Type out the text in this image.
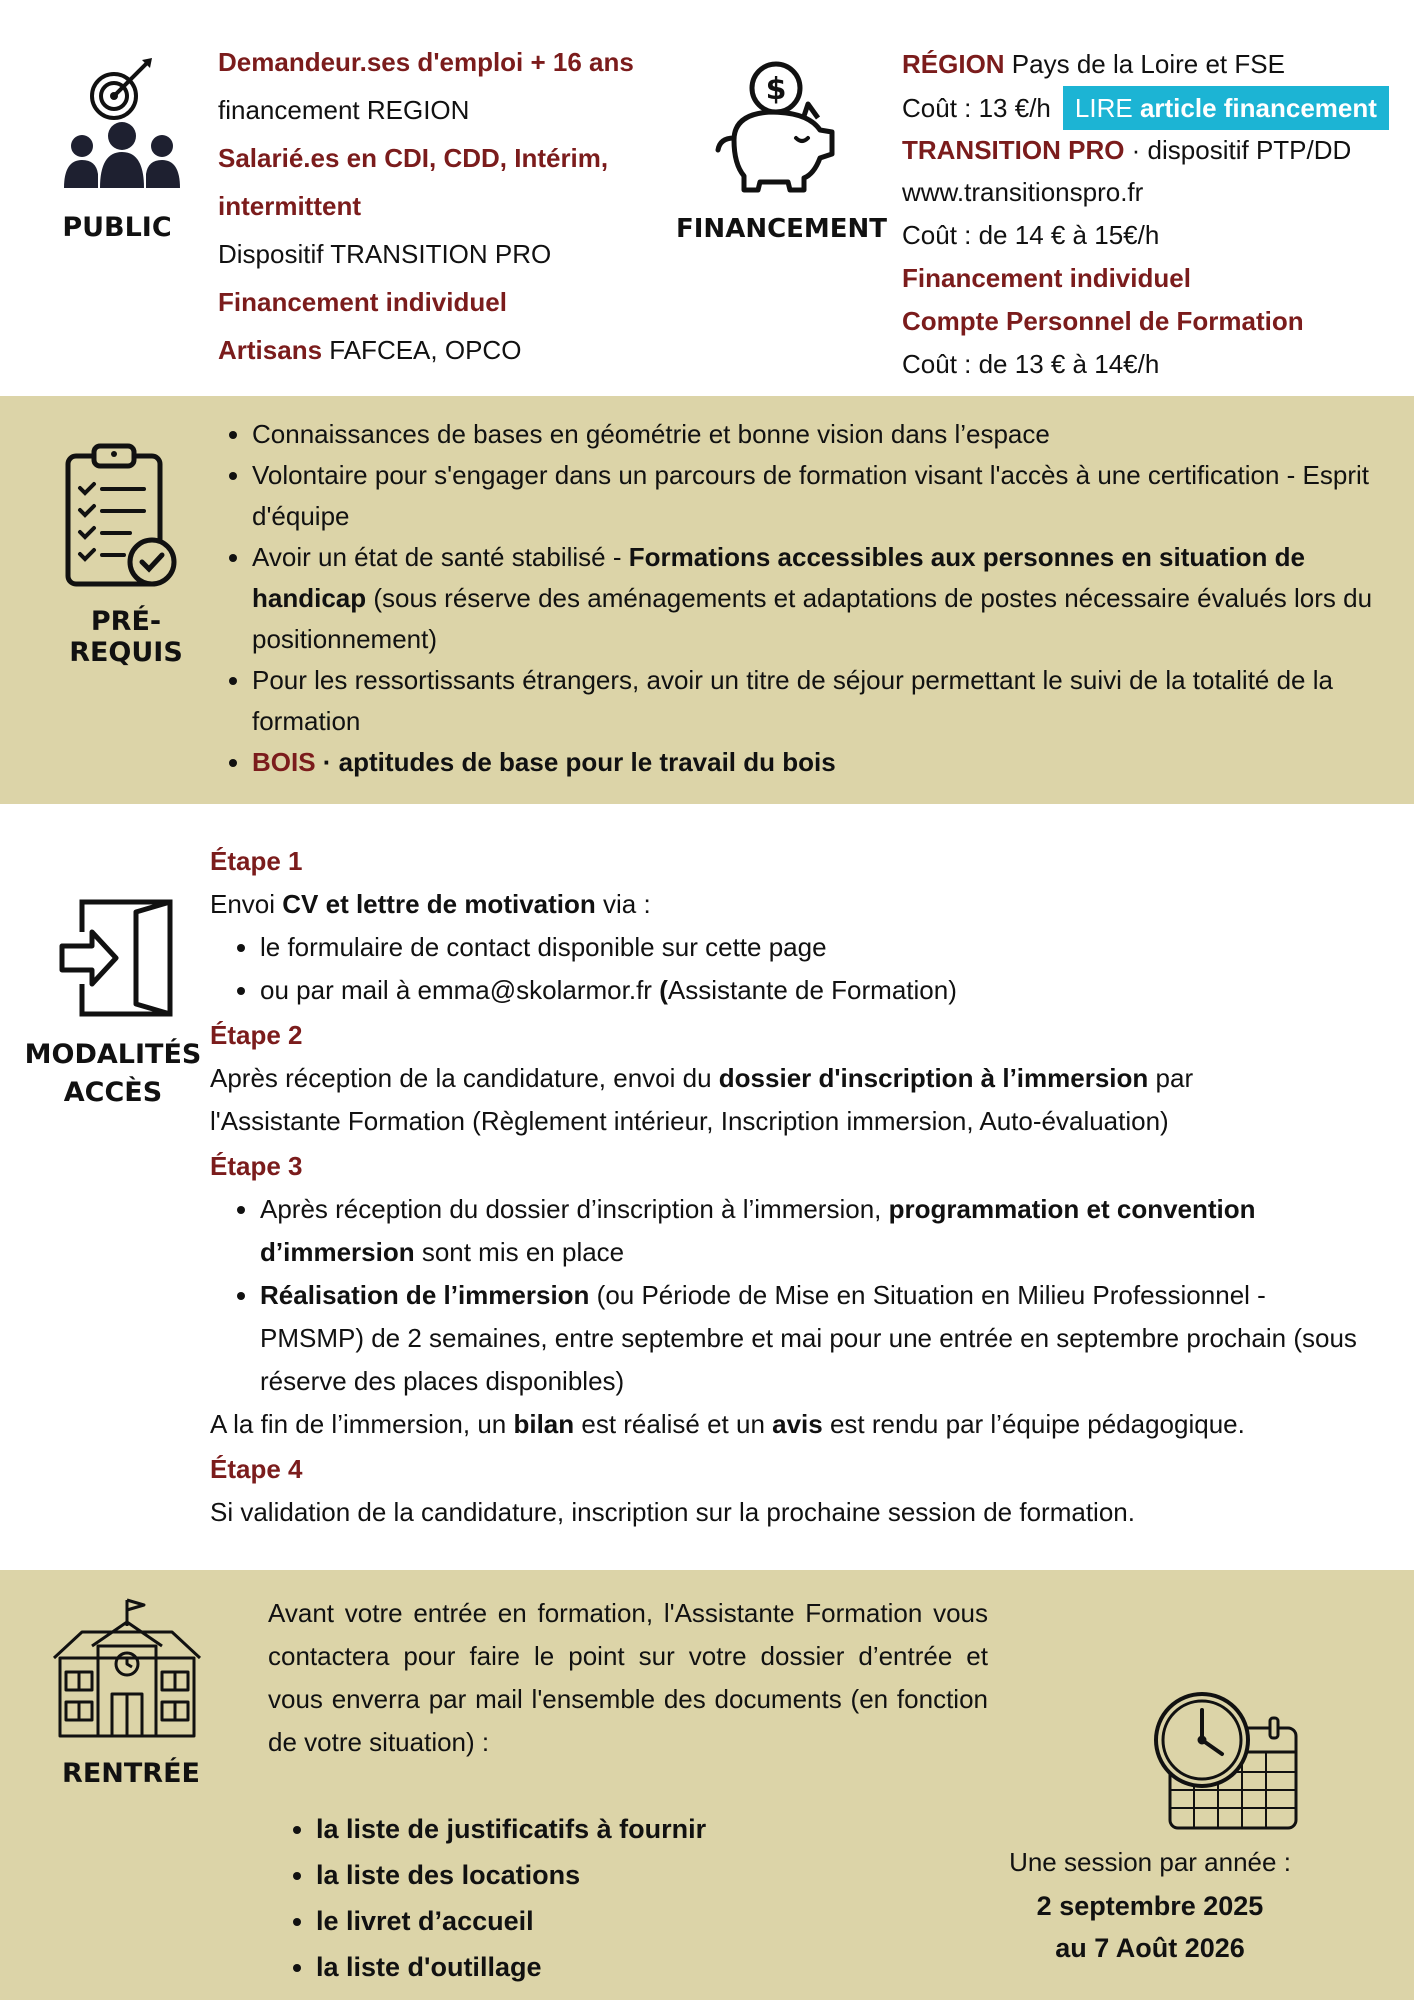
PUBLIC
Demandeur.ses d'emploi + 16 ans
financement REGION
Salarié.es en CDI, CDD, Intérim,
intermittent
Dispositif TRANSITION PRO
Financement individuel
Artisans FAFCEA, OPCO
$
FINANCEMENT
RÉGION Pays de la Loire et FSE
Coût : 13 €/h LIRE article financement
TRANSITION PRO · dispositif PTP/DD
www.transitionspro.fr
Coût : de 14 € à 15€/h
Financement individuel
Compte Personnel de Formation
Coût : de 13 € à 14€/h
PRÉ-REQUIS
• Connaissances de bases en géométrie et bonne vision dans l’espace
• Volontaire pour s'engager dans un parcours de formation visant l'accès à une certification - Esprit d'équipe
• Avoir un état de santé stabilisé - Formations accessibles aux personnes en situation de handicap (sous réserve des aménagements et adaptations de postes nécessaire évalués lors du positionnement)
• Pour les ressortissants étrangers, avoir un titre de séjour permettant le suivi de la totalité de la formation
• BOIS · aptitudes de base pour le travail du bois
MODALITÉS
ACCÈS
Étape 1
Envoi CV et lettre de motivation via :
• le formulaire de contact disponible sur cette page
• ou par mail à emma@skolarmor.fr (Assistante de Formation)
Étape 2
Après réception de la candidature, envoi du dossier d'inscription à l’immersion par
l'Assistante Formation (Règlement intérieur, Inscription immersion, Auto-évaluation)
Étape 3
• Après réception du dossier d’inscription à l’immersion, programmation et convention d’immersion sont mis en place
• Réalisation de l’immersion (ou Période de Mise en Situation en Milieu Professionnel - PMSMP) de 2 semaines, entre septembre et mai pour une entrée en septembre prochain (sous réserve des places disponibles)
A la fin de l’immersion, un bilan est réalisé et un avis est rendu par l’équipe pédagogique.
Étape 4
Si validation de la candidature, inscription sur la prochaine session de formation.
RENTRÉE
Avant votre entrée en formation, l'Assistante Formation vous contactera pour faire le point sur votre dossier d’entrée et vous enverra par mail l'ensemble des documents (en fonction de votre situation) :
• la liste de justificatifs à fournir
• la liste des locations
• le livret d’accueil
• la liste d'outillage
Une session par année :
2 septembre 2025
au 7 Août 2026
